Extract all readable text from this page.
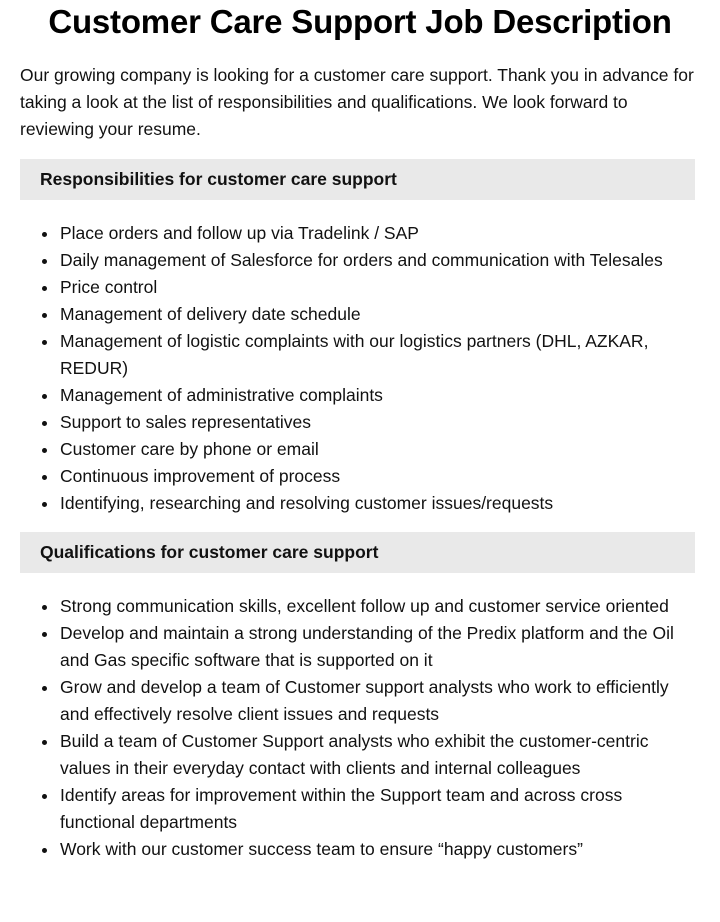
Customer Care Support Job Description

Our growing company is looking for a customer care support. Thank you in advance for taking a look at the list of responsibilities and qualifications. We look forward to reviewing your resume.

Responsibilities for customer care support
Place orders and follow up via Tradelink / SAP
Daily management of Salesforce for orders and communication with Telesales
Price control
Management of delivery date schedule
Management of logistic complaints with our logistics partners (DHL, AZKAR, REDUR)
Management of administrative complaints
Support to sales representatives
Customer care by phone or email
Continuous improvement of process
Identifying, researching and resolving customer issues/requests
Qualifications for customer care support
Strong communication skills, excellent follow up and customer service oriented
Develop and maintain a strong understanding of the Predix platform and the Oil and Gas specific software that is supported on it
Grow and develop a team of Customer support analysts who work to efficiently and effectively resolve client issues and requests
Build a team of Customer Support analysts who exhibit the customer-centric values in their everyday contact with clients and internal colleagues
Identify areas for improvement within the Support team and across cross functional departments
Work with our customer success team to ensure “happy customers”
